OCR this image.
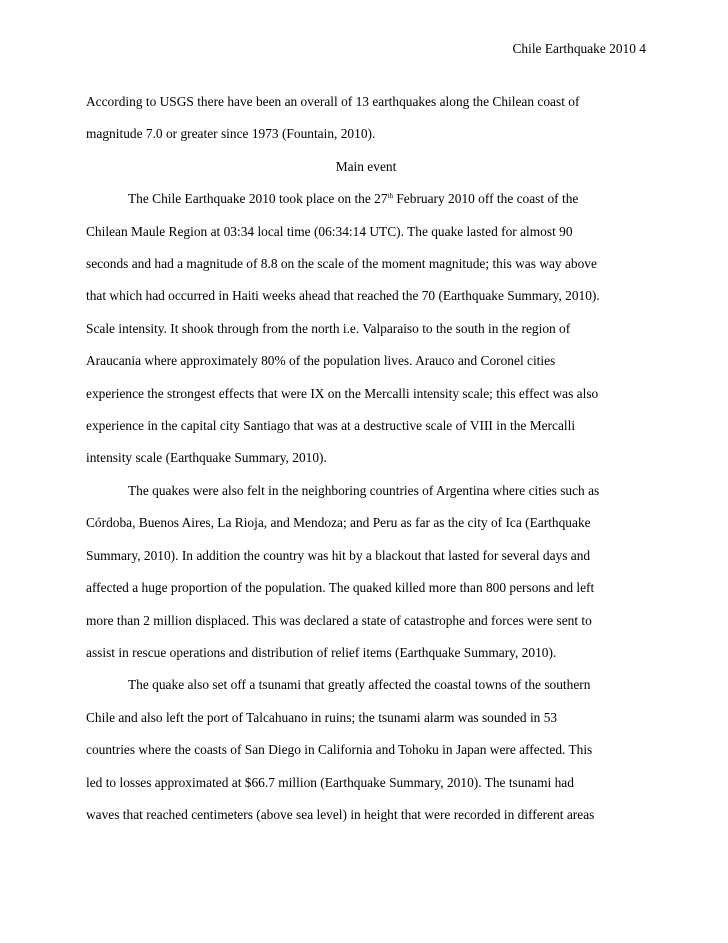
Chile Earthquake 2010 4

According to USGS there have been an overall of 13 earthquakes along the Chilean coast of
magnitude 7.0 or greater since 1973 (Fountain, 2010).

Main event

The Chile Earthquake 2010 took place on the 27th February 2010 off the coast of the
Chilean Maule Region at 03:34 local time (06:34:14 UTC). The quake lasted for almost 90
seconds and had a magnitude of 8.8 on the scale of the moment magnitude; this was way above
that which had occurred in Haiti weeks ahead that reached the 70 (Earthquake Summary, 2010).
Scale intensity. It shook through from the north i.e. Valparaiso to the south in the region of
Araucania where approximately 80% of the population lives. Arauco and Coronel cities
experience the strongest effects that were IX on the Mercalli intensity scale; this effect was also
experience in the capital city Santiago that was at a destructive scale of VIII in the Mercalli
intensity scale (Earthquake Summary, 2010).

The quakes were also felt in the neighboring countries of Argentina where cities such as
Córdoba, Buenos Aires, La Rioja, and Mendoza; and Peru as far as the city of Ica (Earthquake
Summary, 2010). In addition the country was hit by a blackout that lasted for several days and
affected a huge proportion of the population. The quaked killed more than 800 persons and left
more than 2 million displaced. This was declared a state of catastrophe and forces were sent to
assist in rescue operations and distribution of relief items (Earthquake Summary, 2010).

The quake also set off a tsunami that greatly affected the coastal towns of the southern
Chile and also left the port of Talcahuano in ruins; the tsunami alarm was sounded in 53
countries where the coasts of San Diego in California and Tohoku in Japan were affected. This
led to losses approximated at $66.7 million (Earthquake Summary, 2010). The tsunami had
waves that reached centimeters (above sea level) in height that were recorded in different areas
